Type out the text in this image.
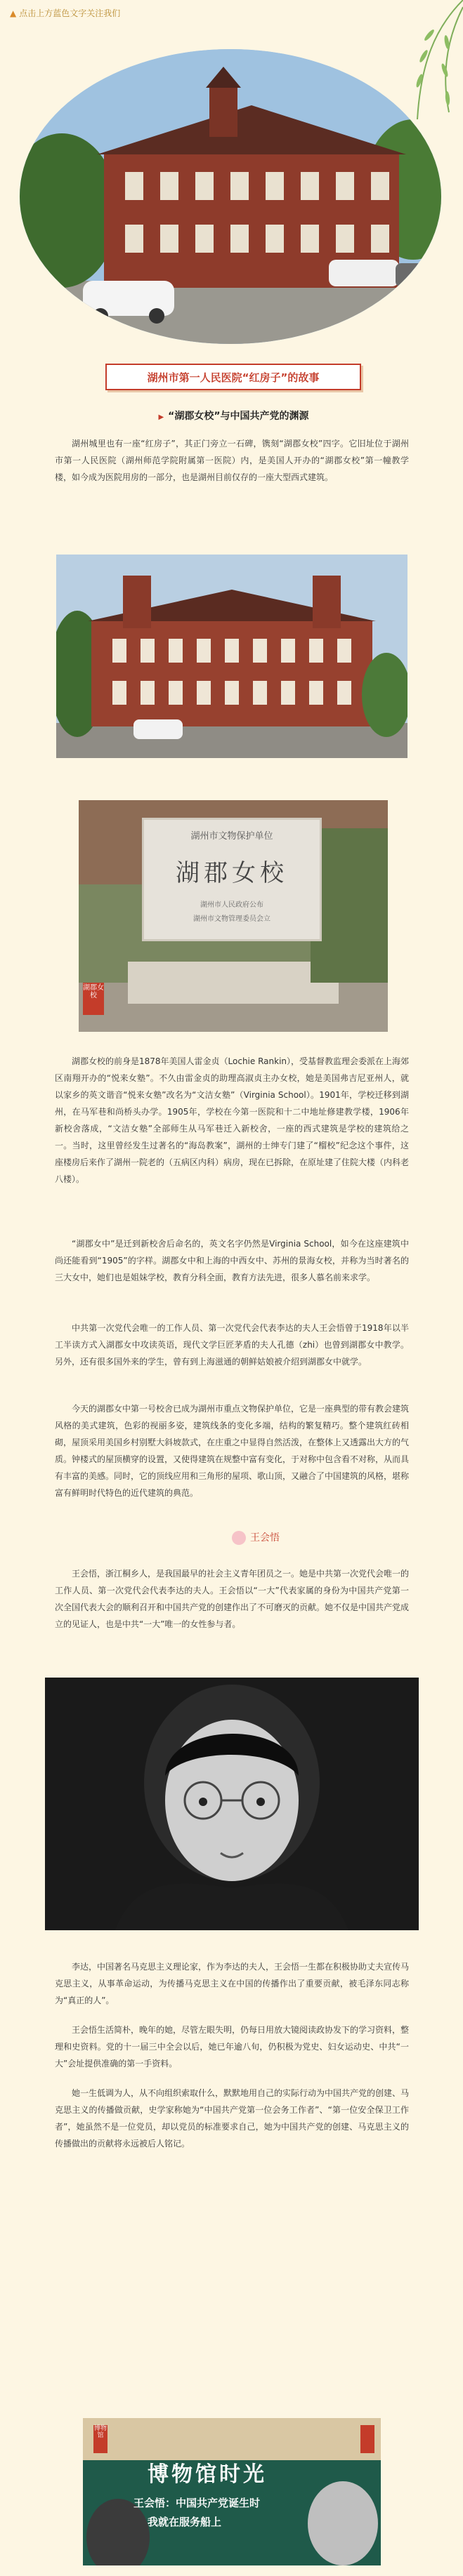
▲ 点击上方蓝色文字关注我们
湖州市第一人民医院“红房子”的故事
▶ “湖郡女校”与中国共产党的渊源

湖州城里也有一座“红房子”，其正门旁立一石碑，镌刻“湖郡女校”四字。它旧址位于湖州市第一人民医院（湖州师范学院附属第一医院）内，是美国人开办的“湖郡女校”第一幢教学楼，如今成为医院用房的一部分，也是湖州目前仅存的一座大型西式建筑。

湖州市文物保护单位
湖郡女校
湖州市人民政府公布
湖州市文物管理委员会立
湖郡女校

湖郡女校的前身是1878年美国人雷金贞（Lochie Rankin），受基督教监理会委派在上海郊区南翔开办的“悦来女塾”。不久由雷金贞的助理高淑贞主办女校，她是美国弗吉尼亚州人，就以家乡的英文谐音“悦来女塾”改名为“文洁女塾”（Virginia School）。1901年，学校迁移到湖州，在马军巷和尚桥头办学。1905年，学校在今第一医院和十二中地址修建教学楼，1906年新校舍落成，“文洁女塾”全部师生从马军巷迁入新校舍，一座的西式建筑是学校的建筑给之一。当时，这里曾经发生过著名的“海岛教案”，湖州的士绅专门建了“榴校”纪念这个事件，这座楼房后来作了湖州一院老的（五病区内科）病房，现在已拆除，在原址建了住院大楼（内科老八楼）。

“湖郡女中”是迁到新校舍后命名的，英文名字仍然是Virginia School，如今在这座建筑中尚还能看到“1905”的字样。湖郡女中和上海的中西女中、苏州的景海女校，并称为当时著名的三大女中，她们也是姐妹学校，教育分科全面，教育方法先进，很多人慕名前来求学。

中共第一次党代会唯一的工作人员、第一次党代会代表李达的夫人王会悟曾于1918年以半工半读方式入湖郡女中攻读英语，现代文学巨匠茅盾的夫人孔德（zhi）也曾到湖郡女中教学。另外，还有很多国外来的学生，曾有到上海滋通的朝鲜姑娘被介绍到湖郡女中就学。

今天的湖郡女中第一号校舍已成为湖州市重点文物保护单位，它是一座典型的带有教会建筑风格的美式建筑，色彩的视丽多姿，建筑线条的变化多端，结构的繁复精巧。整个建筑红砖相砌，屋顶采用美国乡村别墅大斜坡款式，在庄重之中显得自然活泼，在整体上又透露出大方的气质。钟楼式的屋顶横穿的设置，又使得建筑在规整中富有变化，于对称中包含看不对称，从而具有丰富的美感。同时，它的顶线应用和三角形的屋项、歌山顶，又融合了中国建筑的风格，堪称富有鲜明时代特色的近代建筑的典范。

王会悟

王会悟，浙江桐乡人，是我国最早的社会主义青年团员之一。她是中共第一次党代会唯一的工作人员、第一次党代会代表李达的夫人。王会悟以“一大”代表家属的身份为中国共产党第一次全国代表大会的顺利召开和中国共产党的创建作出了不可磨灭的贡献。她不仅是中国共产党成立的见证人，也是中共“一大”唯一的女性参与者。

李达，中国著名马克思主义理论家，作为李达的夫人，王会悟一生都在积极协助丈夫宣传马克思主义，从事革命运动，为传播马克思主义在中国的传播作出了重要贡献，被毛泽东同志称为“真正的人”。

王会悟生活简朴，晚年的她，尽管左眼失明，仍每日用放大镜阅读政协发下的学习资料，整理和史资料。党的十一届三中全会以后，她已年逾八旬，仍积极为党史、妇女运动史、中共“一大”会址提供准确的第一手资料。

她一生低调为人，从不向组织索取什么，默默地用自己的实际行动为中国共产党的创建、马克思主义的传播做贡献，史学家称她为“中国共产党第一位会务工作者”、“第一位安全保卫工作者”，她虽然不是一位党员，却以党员的标准要求自己，她为中国共产党的创建、马克思主义的传播做出的贡献将永远被后人铭记。

博物馆时光
王会悟：中国共产党诞生时
我就在服务船上
博物馆
